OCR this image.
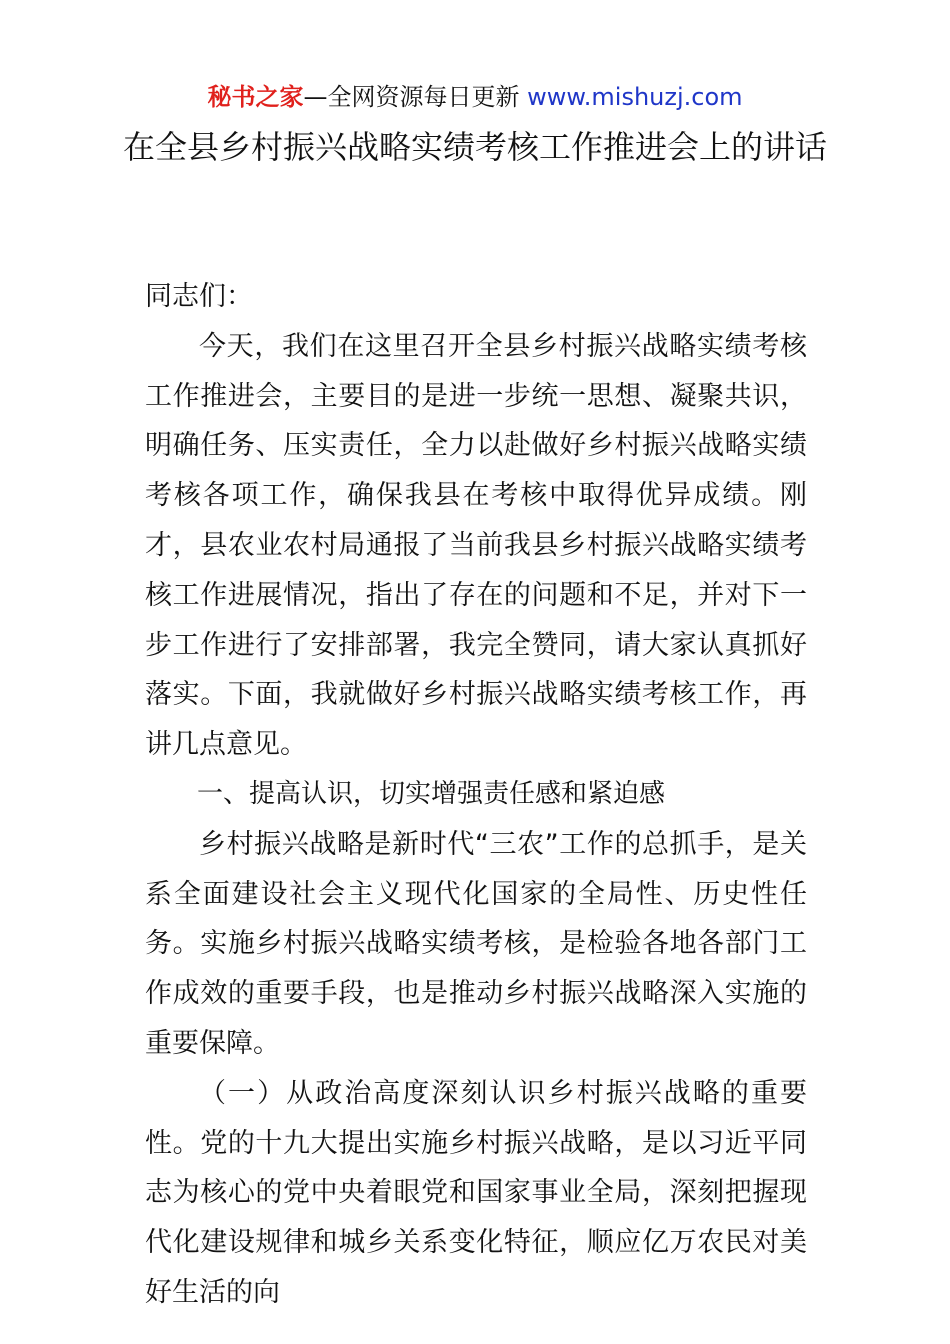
秘书之家—全网资源每日更新 www.mishuzj.com
在全县乡村振兴战略实绩考核工作推进会上的讲话

同志们：

今天，我们在这里召开全县乡村振兴战略实绩考核工作推进会，主要目的是进一步统一思想、凝聚共识，明确任务、压实责任，全力以赴做好乡村振兴战略实绩考核各项工作，确保我县在考核中取得优异成绩。刚才，县农业农村局通报了当前我县乡村振兴战略实绩考核工作进展情况，指出了存在的问题和不足，并对下一步工作进行了安排部署，我完全赞同，请大家认真抓好落实。下面，我就做好乡村振兴战略实绩考核工作，再讲几点意见。

一、提高认识，切实增强责任感和紧迫感

乡村振兴战略是新时代“三农”工作的总抓手，是关系全面建设社会主义现代化国家的全局性、历史性任务。实施乡村振兴战略实绩考核，是检验各地各部门工作成效的重要手段，也是推动乡村振兴战略深入实施的重要保障。

（一）从政治高度深刻认识乡村振兴战略的重要性。党的十九大提出实施乡村振兴战略，是以习近平同志为核心的党中央着眼党和国家事业全局，深刻把握现代化建设规律和城乡关系变化特征，顺应亿万农民对美好生活的向
